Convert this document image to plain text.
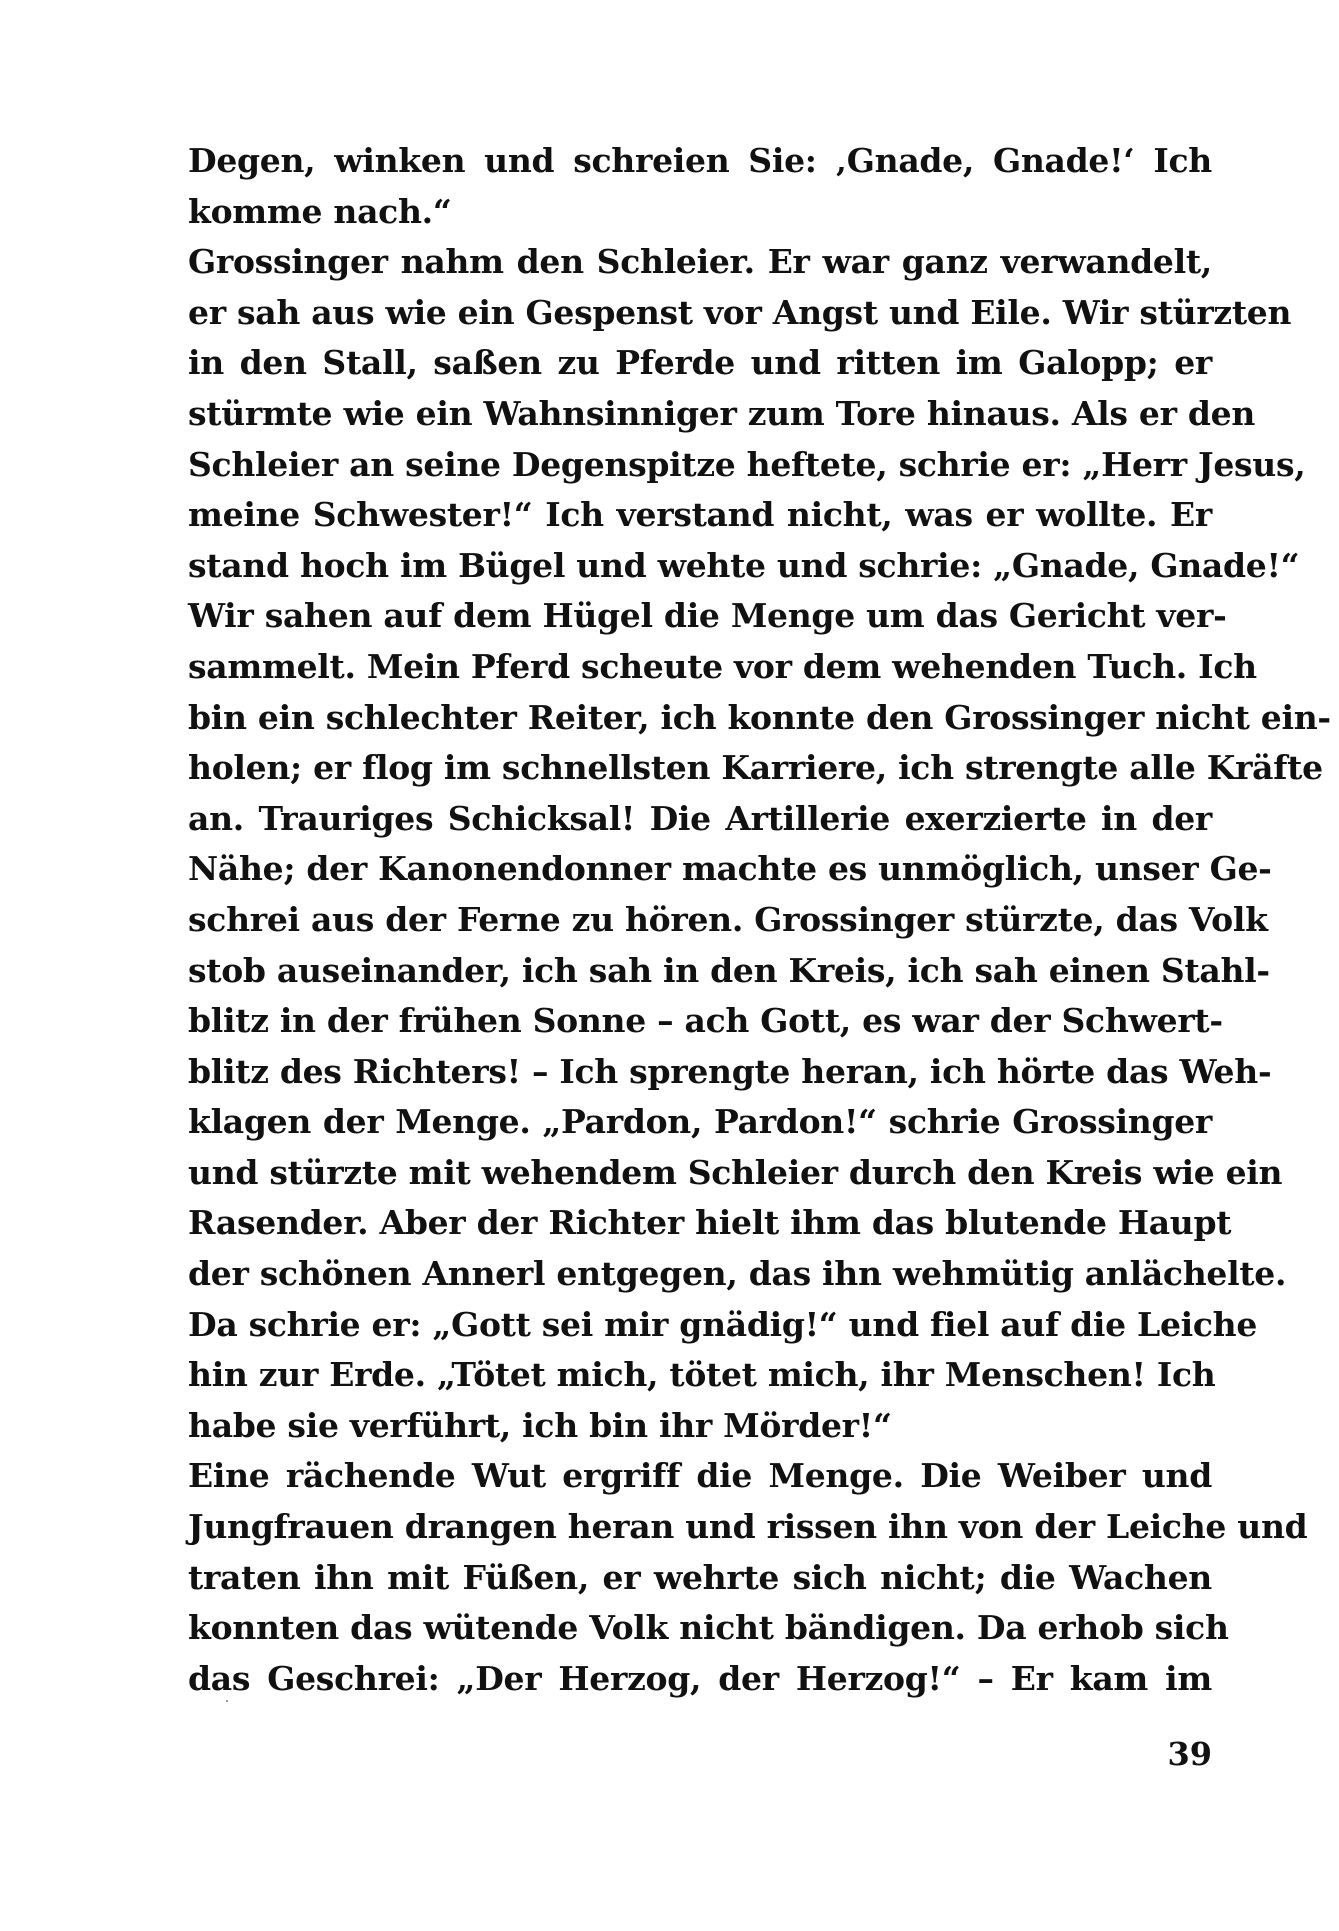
Degen, winken und schreien Sie: ‚Gnade, Gnade!‘ Ich
komme nach.“
Grossinger nahm den Schleier. Er war ganz verwandelt,
er sah aus wie ein Gespenst vor Angst und Eile. Wir stürzten
in den Stall, saßen zu Pferde und ritten im Galopp; er
stürmte wie ein Wahnsinniger zum Tore hinaus. Als er den
Schleier an seine Degenspitze heftete, schrie er: „Herr Jesus,
meine Schwester!“ Ich verstand nicht, was er wollte. Er
stand hoch im Bügel und wehte und schrie: „Gnade, Gnade!“
Wir sahen auf dem Hügel die Menge um das Gericht ver-
sammelt. Mein Pferd scheute vor dem wehenden Tuch. Ich
bin ein schlechter Reiter, ich konnte den Grossinger nicht ein-
holen; er flog im schnellsten Karriere, ich strengte alle Kräfte
an. Trauriges Schicksal! Die Artillerie exerzierte in der
Nähe; der Kanonendonner machte es unmöglich, unser Ge-
schrei aus der Ferne zu hören. Grossinger stürzte, das Volk
stob auseinander, ich sah in den Kreis, ich sah einen Stahl-
blitz in der frühen Sonne – ach Gott, es war der Schwert-
blitz des Richters! – Ich sprengte heran, ich hörte das Weh-
klagen der Menge. „Pardon, Pardon!“ schrie Grossinger
und stürzte mit wehendem Schleier durch den Kreis wie ein
Rasender. Aber der Richter hielt ihm das blutende Haupt
der schönen Annerl entgegen, das ihn wehmütig anlächelte.
Da schrie er: „Gott sei mir gnädig!“ und fiel auf die Leiche
hin zur Erde. „Tötet mich, tötet mich, ihr Menschen! Ich
habe sie verführt, ich bin ihr Mörder!“
Eine rächende Wut ergriff die Menge. Die Weiber und
Jungfrauen drangen heran und rissen ihn von der Leiche und
traten ihn mit Füßen, er wehrte sich nicht; die Wachen
konnten das wütende Volk nicht bändigen. Da erhob sich
das Geschrei: „Der Herzog, der Herzog!“ – Er kam im
39
